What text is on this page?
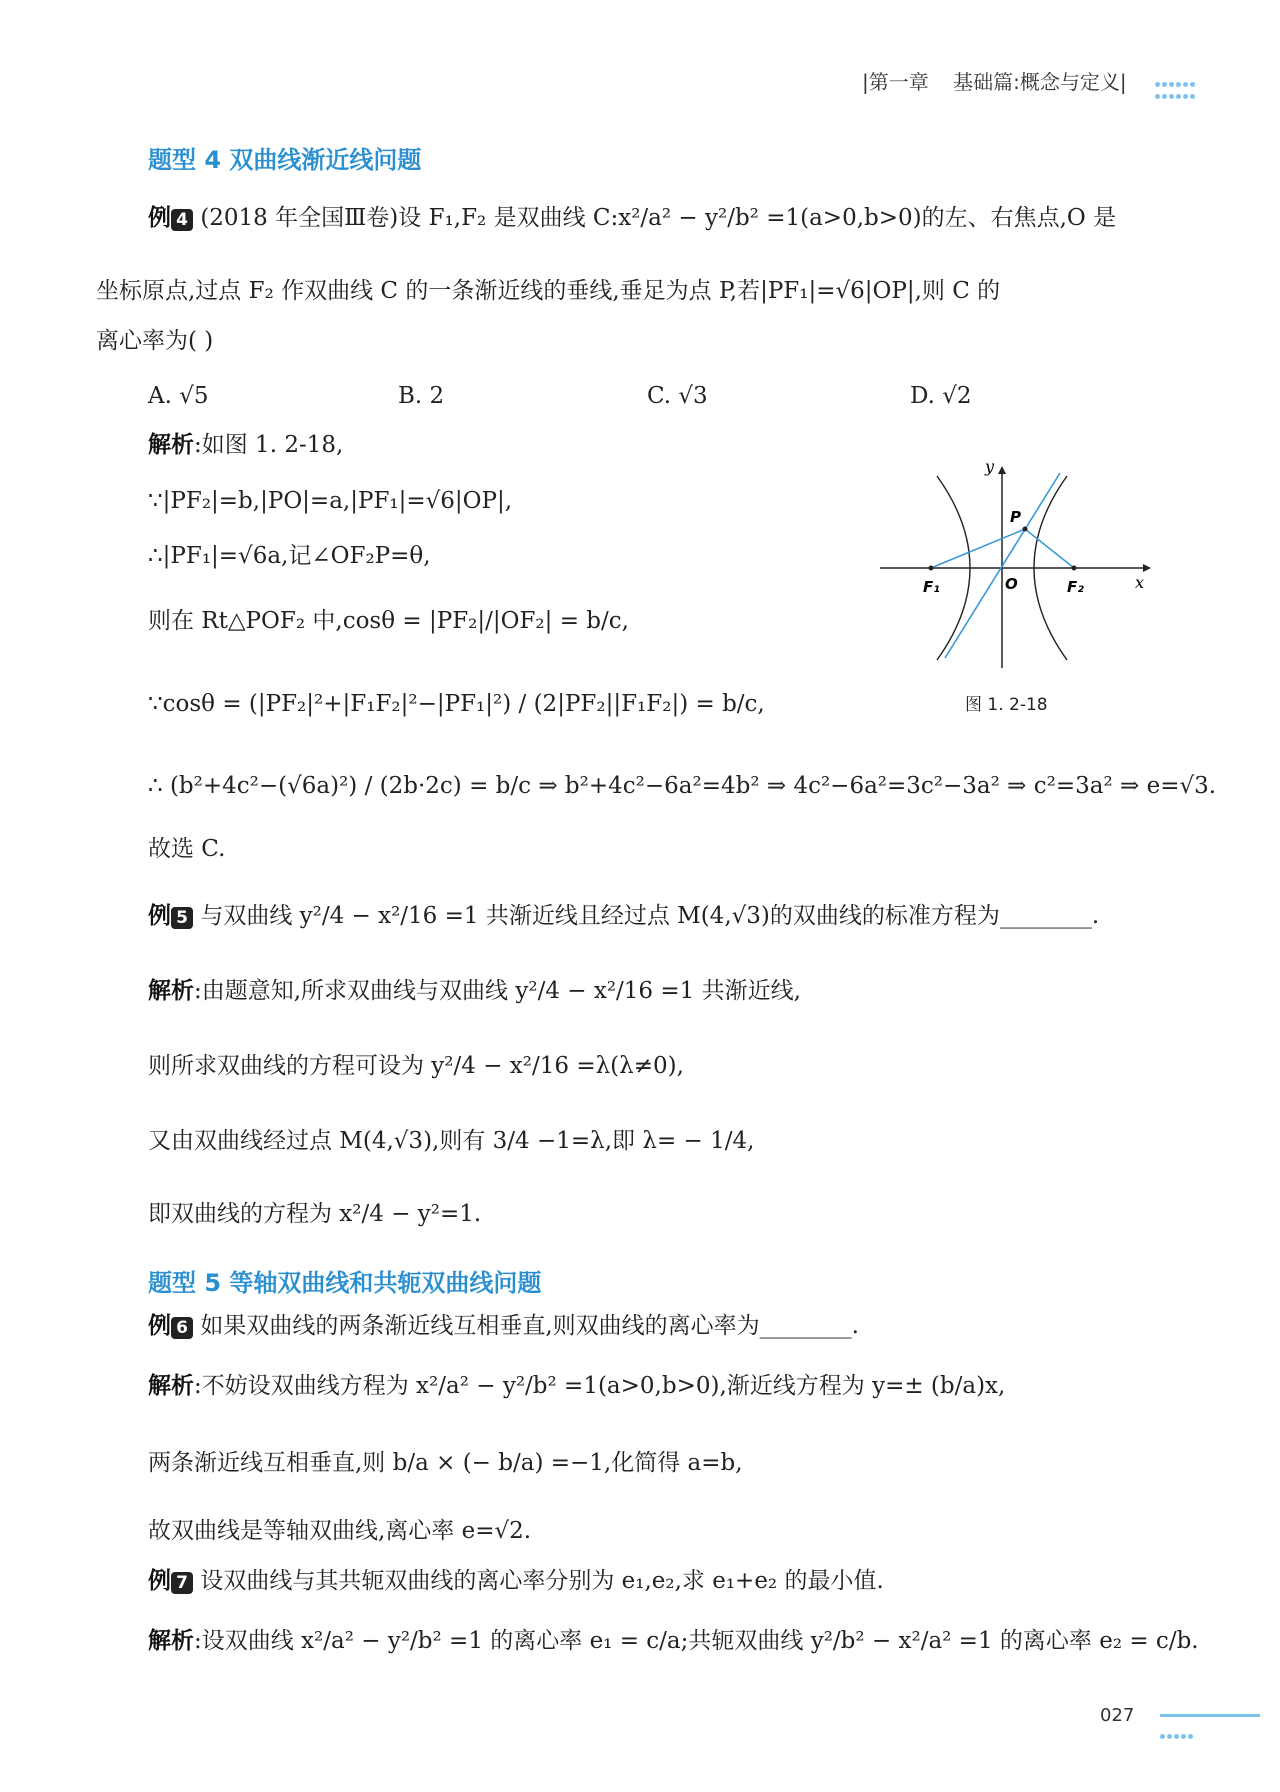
|第一章 基础篇:概念与定义|
题型 4 双曲线渐近线问题
例 4 (2018 年全国Ⅲ卷)设 F₁,F₂ 是双曲线 C:x²/a² − y²/b² =1(a>0,b>0)的左、右焦点,O 是
坐标原点,过点 F₂ 作双曲线 C 的一条渐近线的垂线,垂足为点 P,若|PF₁|=√6|OP|,则 C 的
离心率为( )
A. √5	B. 2	C. √3	D. √2
解析:如图 1. 2-18,
∵|PF₂|=b,|PO|=a,|PF₁|=√6|OP|,
∴|PF₁|=√6a,记∠OF₂P=θ,
则在 Rt△POF₂ 中,cosθ = |PF₂|/|OF₂| = b/c,
∵cosθ = (|PF₂|²+|F₁F₂|²−|PF₁|²) / (2|PF₂||F₁F₂|) = b/c,
∴ (b²+4c²−(√6a)²) / (2b·2c) = b/c ⇒ b²+4c²−6a²=4b² ⇒ 4c²−6a²=3c²−3a² ⇒ c²=3a² ⇒ e=√3.
故选 C.
y
x
P
O
F₁	F₂
图 1. 2-18
例 5 与双曲线 y²/4 − x²/16 =1 共渐近线且经过点 M(4,√3)的双曲线的标准方程为________.
解析:由题意知,所求双曲线与双曲线 y²/4 − x²/16 =1 共渐近线,
则所求双曲线的方程可设为 y²/4 − x²/16 =λ(λ≠0),
又由双曲线经过点 M(4,√3),则有 3/4 −1=λ,即 λ= − 1/4,
即双曲线的方程为 x²/4 − y²=1.
题型 5 等轴双曲线和共轭双曲线问题
例 6 如果双曲线的两条渐近线互相垂直,则双曲线的离心率为________.
解析:不妨设双曲线方程为 x²/a² − y²/b² =1(a>0,b>0),渐近线方程为 y=± (b/a)x,
两条渐近线互相垂直,则 b/a × (− b/a) =−1,化简得 a=b,
故双曲线是等轴双曲线,离心率 e=√2.
例 7 设双曲线与其共轭双曲线的离心率分别为 e₁,e₂,求 e₁+e₂ 的最小值.
解析:设双曲线 x²/a² − y²/b² =1 的离心率 e₁ = c/a;共轭双曲线 y²/b² − x²/a² =1 的离心率 e₂ = c/b.
027
